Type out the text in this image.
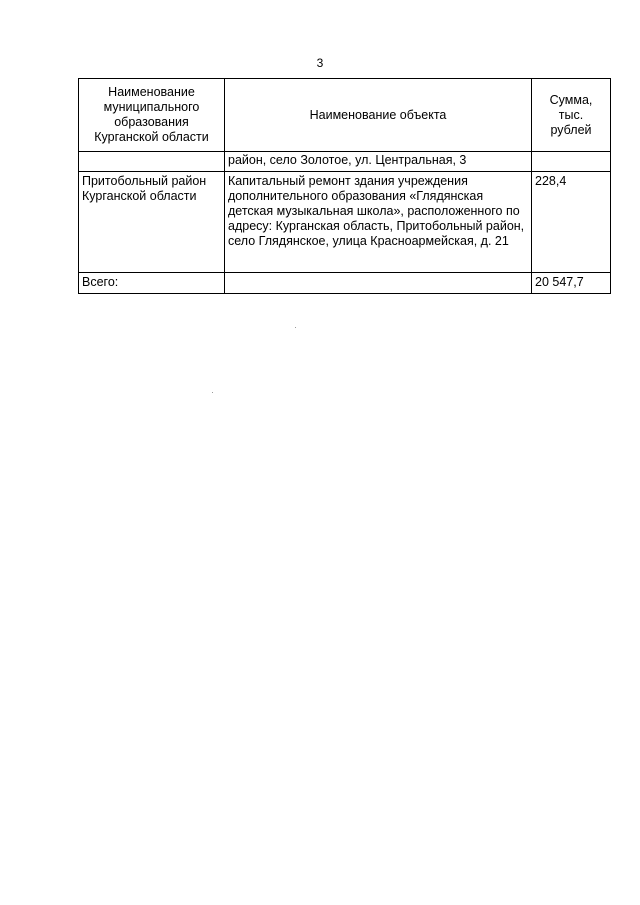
3
Наименование
муниципального
образования
Курганской области	Наименование объекта	Сумма,
тыс.
рублей

	район, село Золотое, ул. Центральная, 3	
Притобольный район Курганской области	Капитальный ремонт здания учреждения дополнительного образования «Глядянская детская музыкальная школа», расположенного по адресу: Курганская область, Притобольный район, село Глядянское, улица Красноармейская, д. 21	228,4
Всего:		20 547,7
